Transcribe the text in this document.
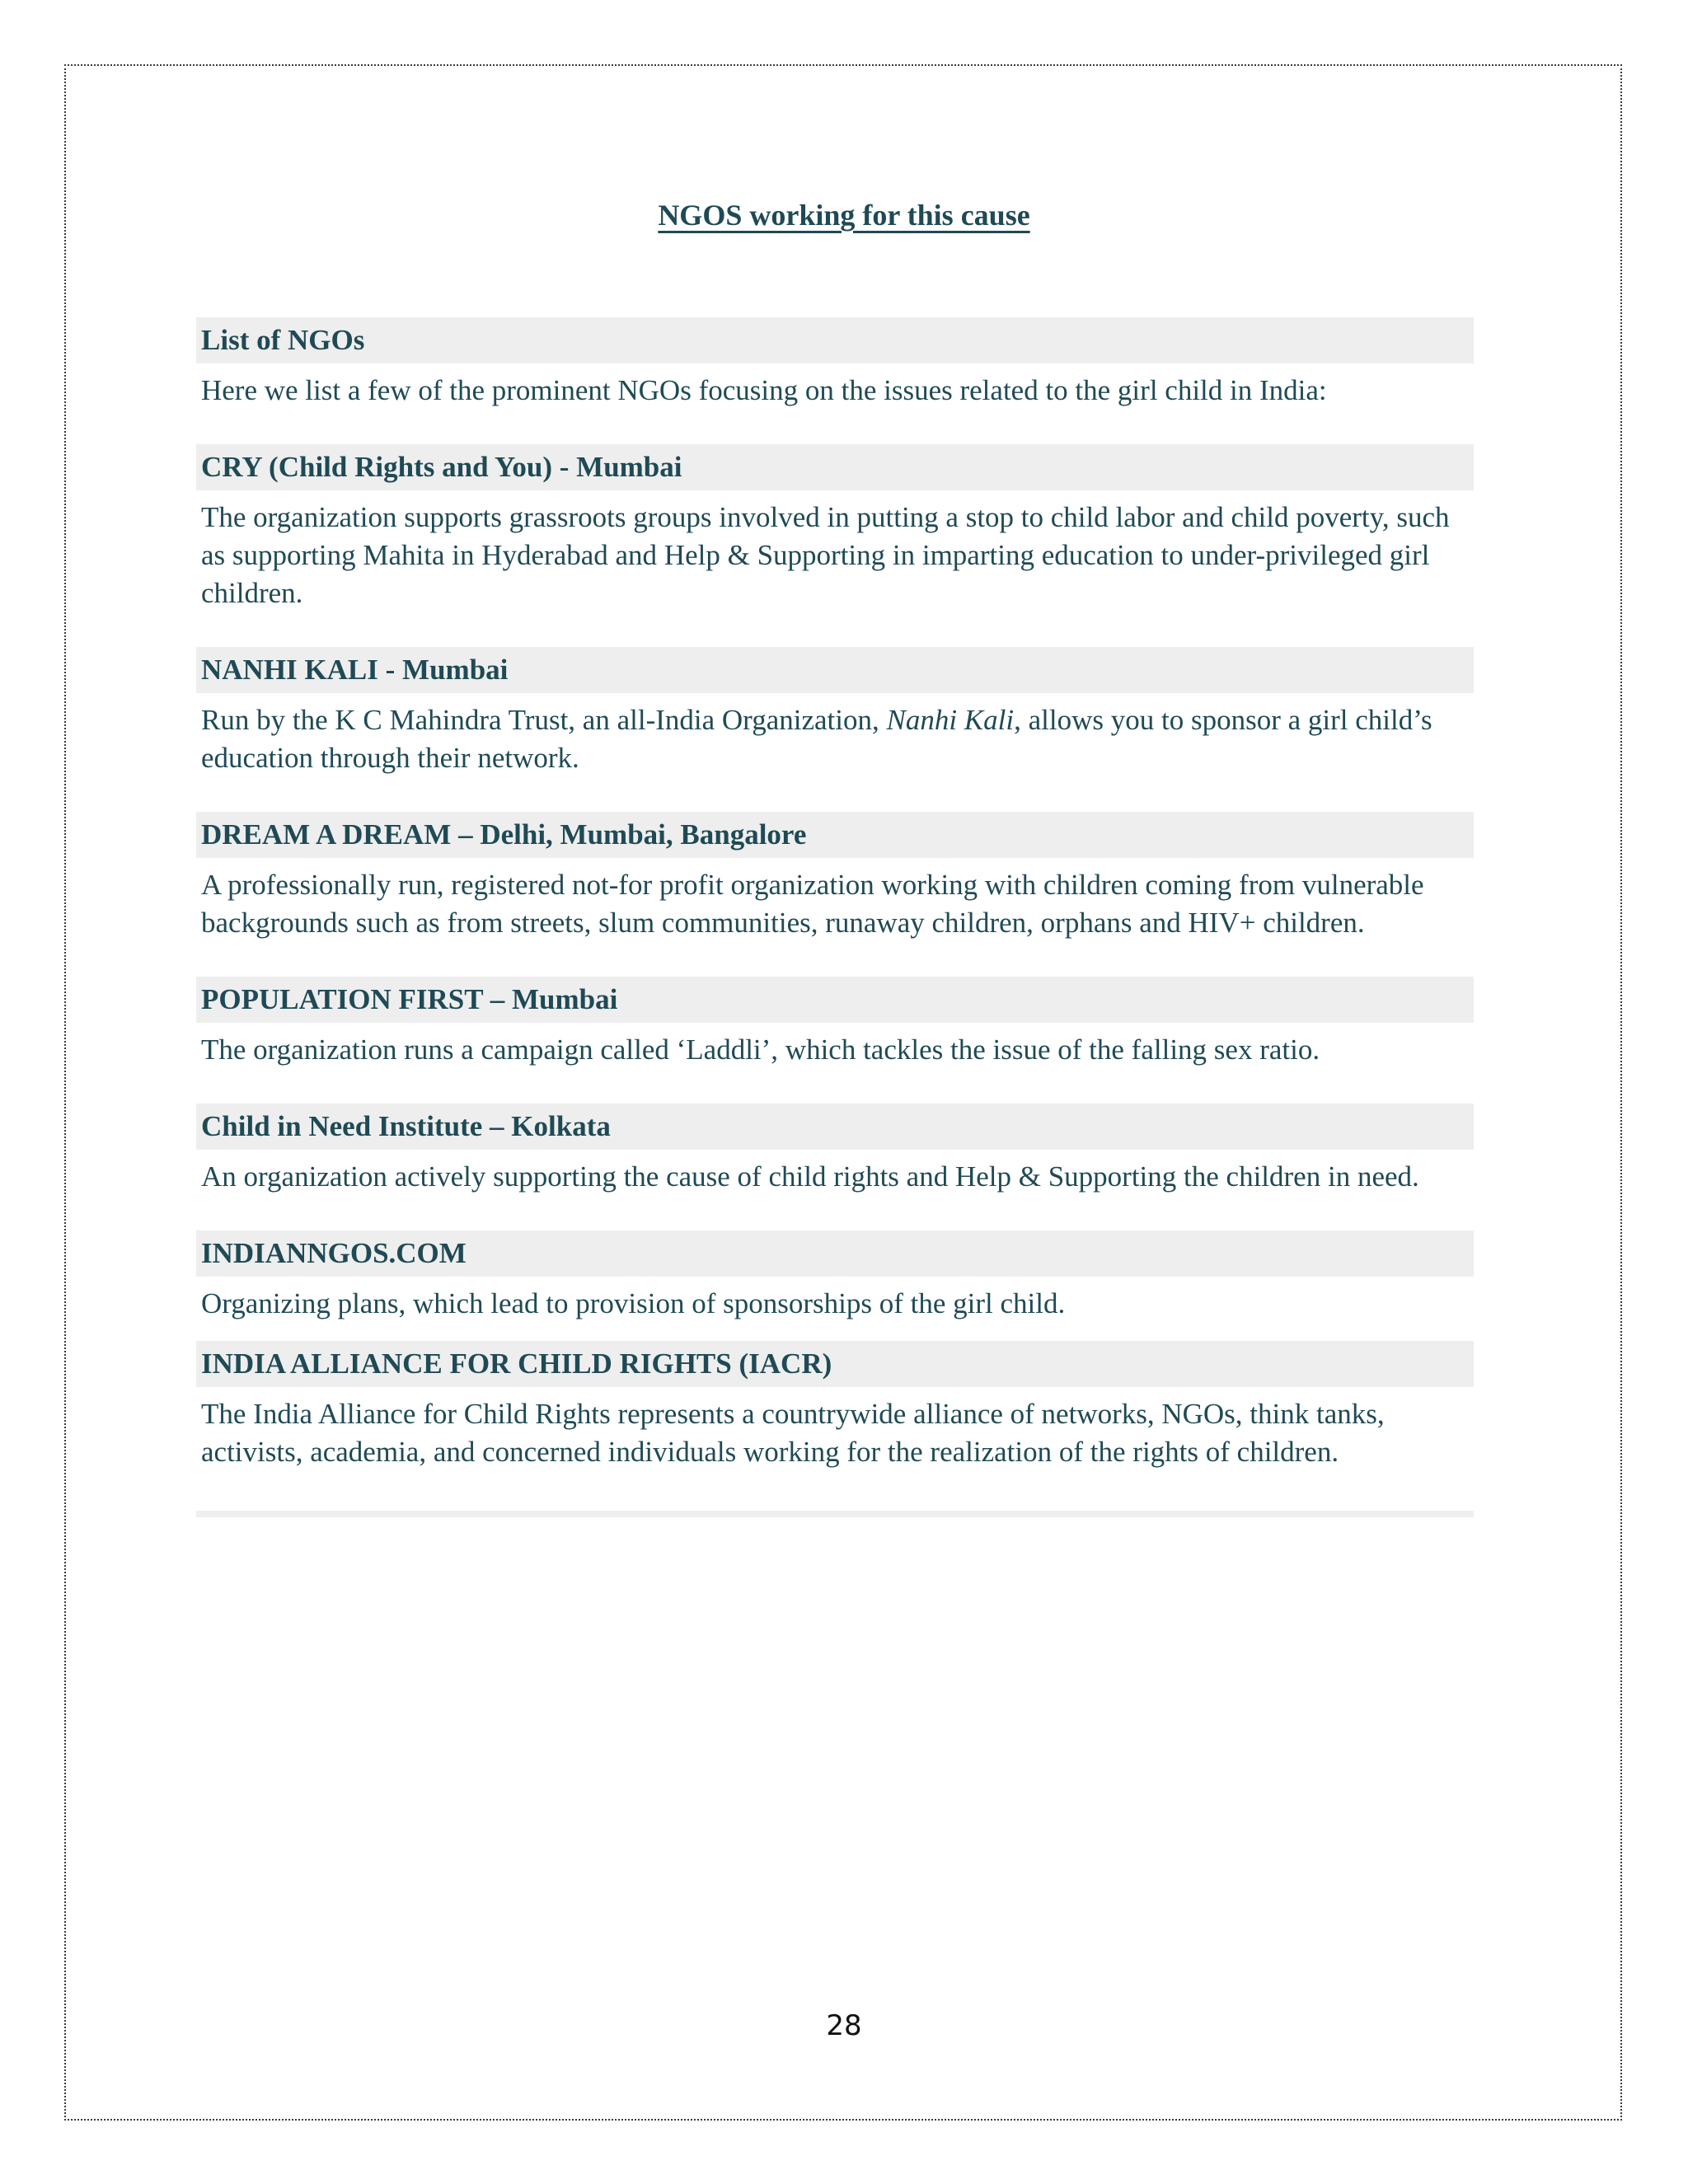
NGOS working for this cause
List of NGOs
Here we list a few of the prominent NGOs focusing on the issues related to the girl child in India:
CRY (Child Rights and You) - Mumbai
The organization supports grassroots groups involved in putting a stop to child labor and child poverty, such as supporting Mahita in Hyderabad and Help & Supporting in imparting education to under-privileged girl children.
NANHI KALI - Mumbai
Run by the K C Mahindra Trust, an all-India Organization, Nanhi Kali, allows you to sponsor a girl child’s education through their network.
DREAM A DREAM – Delhi, Mumbai, Bangalore
A professionally run, registered not-for profit organization working with children coming from vulnerable backgrounds such as from streets, slum communities, runaway children, orphans and HIV+ children.
POPULATION FIRST – Mumbai
The organization runs a campaign called ‘Laddli’, which tackles the issue of the falling sex ratio.
Child in Need Institute – Kolkata
An organization actively supporting the cause of child rights and Help & Supporting the children in need.
INDIANNGOS.COM
Organizing plans, which lead to provision of sponsorships of the girl child.
INDIA ALLIANCE FOR CHILD RIGHTS (IACR)
The India Alliance for Child Rights represents a countrywide alliance of networks, NGOs, think tanks, activists, academia, and concerned individuals working for the realization of the rights of children.
28
